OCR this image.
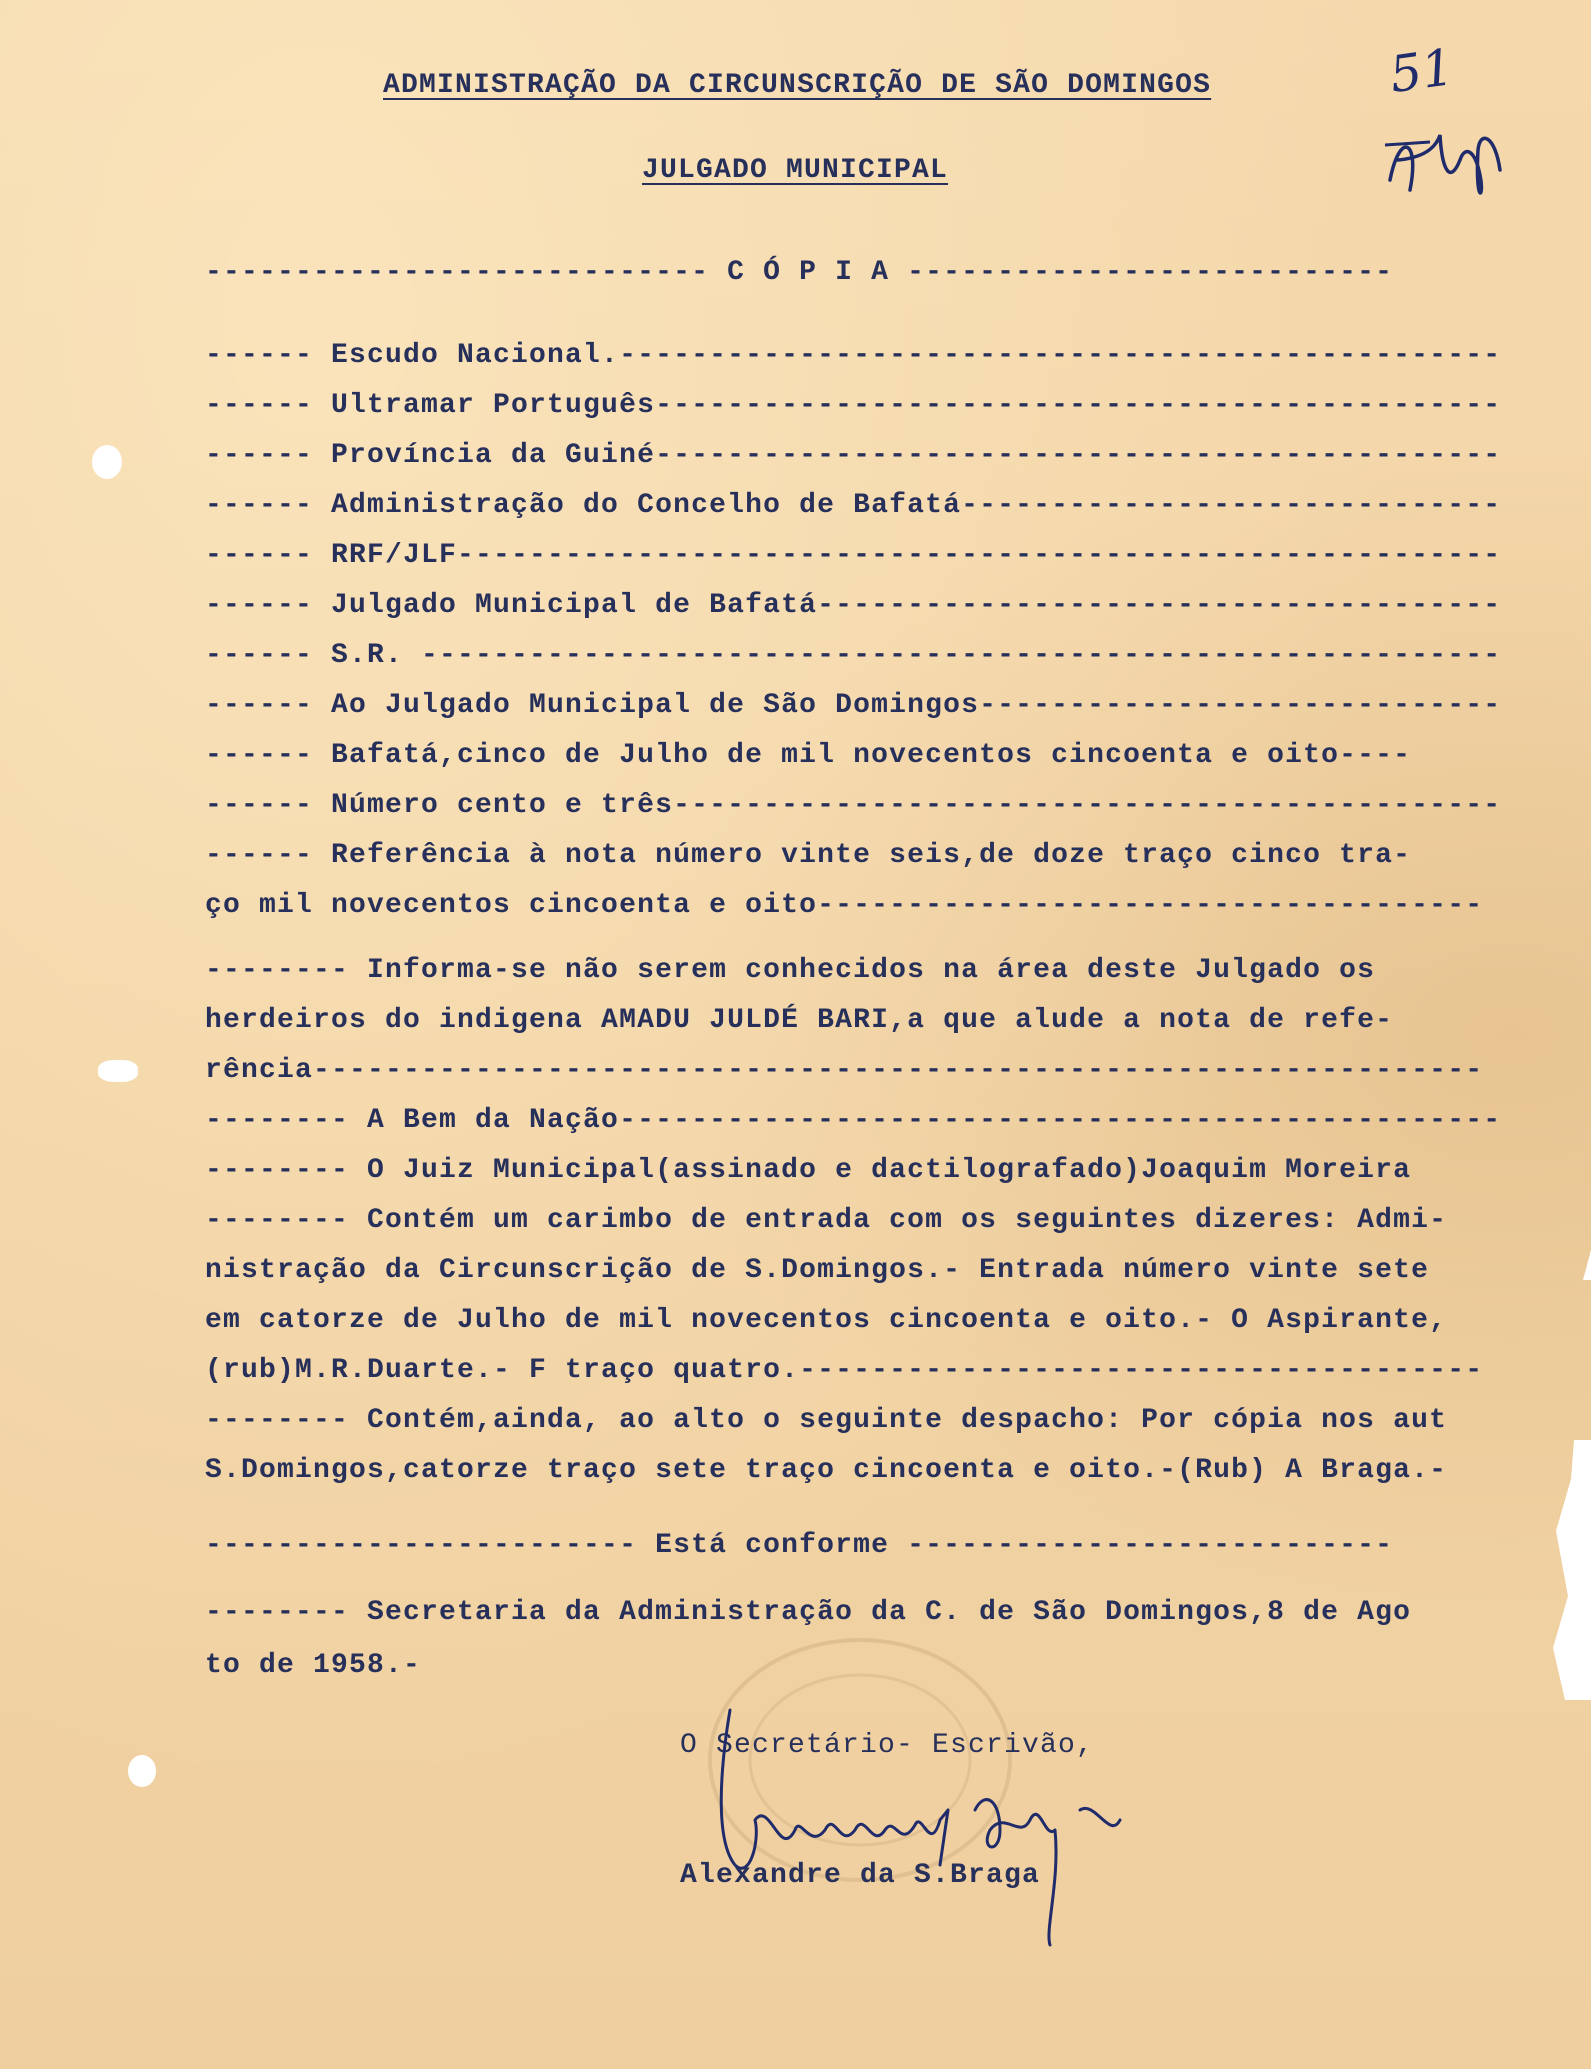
ADMINISTRAÇÃO DA CIRCUNSCRIÇÃO DE SÃO DOMINGOS

JULGADO MUNICIPAL

51

---------------------------- C Ó P I A ---------------------------

------ Escudo Nacional.-------------------------------------------------

------ Ultramar Português-----------------------------------------------

------ Província da Guiné-----------------------------------------------

------ Administração do Concelho de Bafatá------------------------------

------ RRF/JLF----------------------------------------------------------

------ Julgado Municipal de Bafatá--------------------------------------

------ S.R. ------------------------------------------------------------

------ Ao Julgado Municipal de São Domingos-----------------------------

------ Bafatá,cinco de Julho de mil novecentos cincoenta e oito----

------ Número cento e três----------------------------------------------

------ Referência à nota número vinte seis,de doze traço cinco tra-

ço mil novecentos cincoenta e oito-------------------------------------

-------- Informa-se não serem conhecidos na área deste Julgado os

herdeiros do indigena AMADU JULDÉ BARI,a que alude a nota de refe-

rência-----------------------------------------------------------------

-------- A Bem da Nação-------------------------------------------------

-------- O Juiz Municipal(assinado e dactilografado)Joaquim Moreira

-------- Contém um carimbo de entrada com os seguintes dizeres: Admi-

nistração da Circunscrição de S.Domingos.- Entrada número vinte sete

em catorze de Julho de mil novecentos cincoenta e oito.- O Aspirante,

(rub)M.R.Duarte.- F traço quatro.--------------------------------------

-------- Contém,ainda, ao alto o seguinte despacho: Por cópia nos aut

S.Domingos,catorze traço sete traço cincoenta e oito.-(Rub) A Braga.-

------------------------ Está conforme ---------------------------

-------- Secretaria da Administração da C. de São Domingos,8 de Ago

to de 1958.-

O Secretário- Escrivão,

Alexandre da S.Braga
